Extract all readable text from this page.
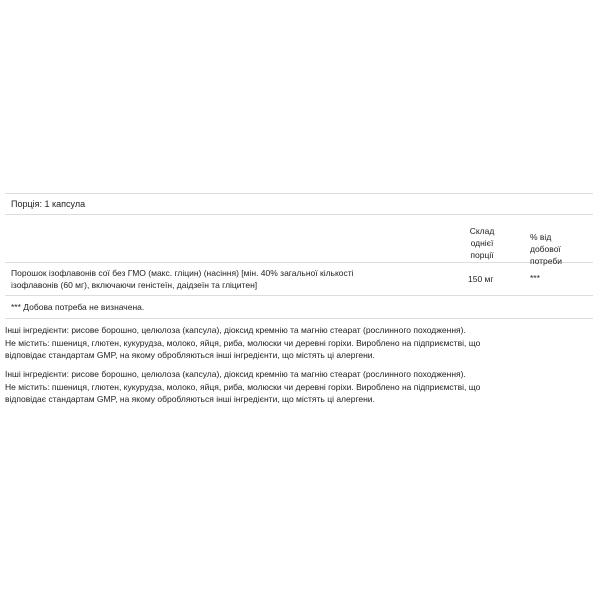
Порція: 1 капсула
Склад
однієї
порції
% від добової
потреби
Порошок ізофлавонів сої без ГМО (макс. гліцин) (насіння) [мін. 40% загальної кількості
ізофлавонів (60 мг), включаючи геністеїн, даідзеїн та гліцитен]
150 мг	***
*** Добова потреба не визначена.

Інші інгредієнти: рисове борошно, целюлоза (капсула), діоксид кремнію та магнію стеарат (рослинного походження).

Не містить: пшениця, глютен, кукурудза, молоко, яйця, риба, молюски чи деревні горіхи. Вироблено на підприємстві, що

відповідає стандартам GMP, на якому обробляються інші інгредієнти, що містять ці алергени.

Інші інгредієнти: рисове борошно, целюлоза (капсула), діоксид кремнію та магнію стеарат (рослинного походження).

Не містить: пшениця, глютен, кукурудза, молоко, яйця, риба, молюски чи деревні горіхи. Вироблено на підприємстві, що

відповідає стандартам GMP, на якому обробляються інші інгредієнти, що містять ці алергени.
